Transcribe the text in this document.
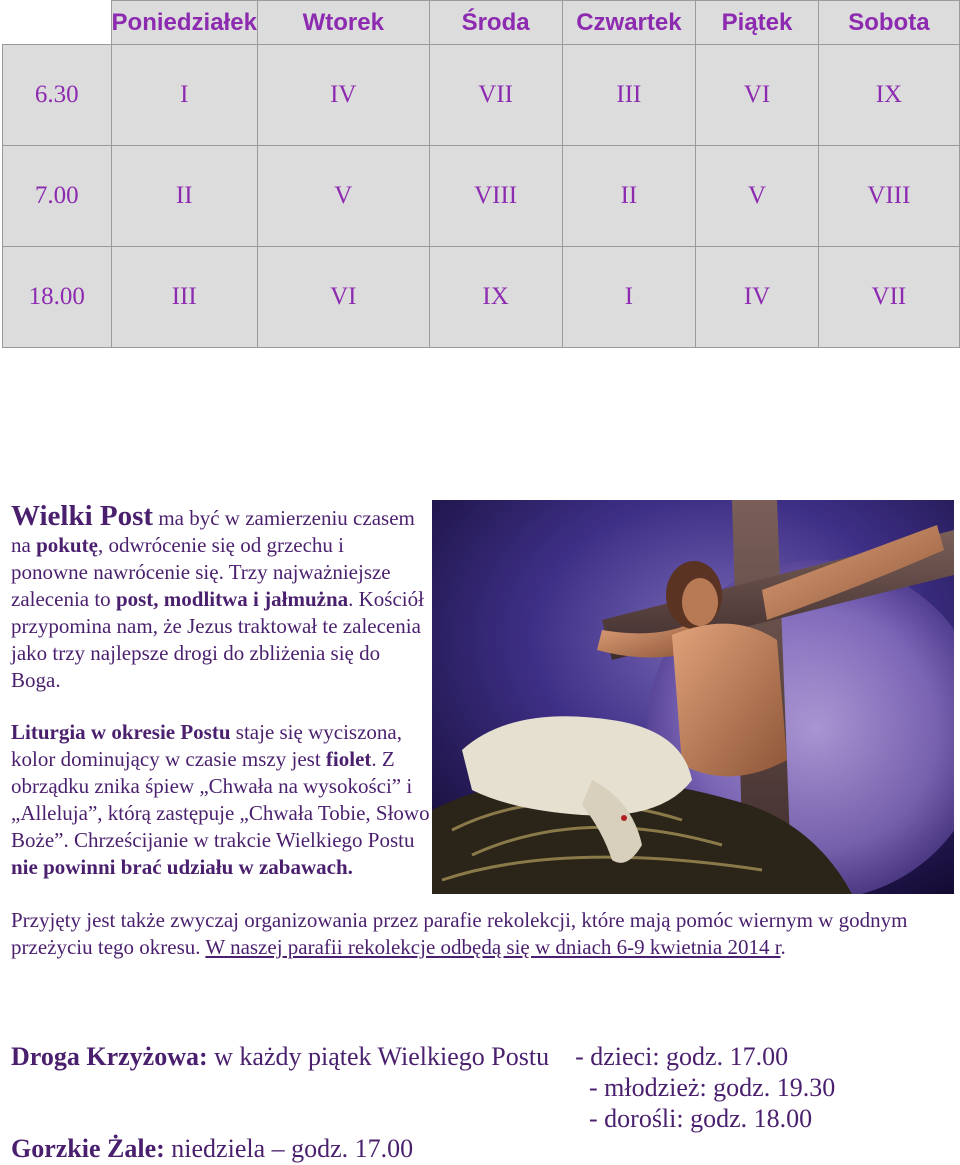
	Poniedziałek	Wtorek	Środa	Czwartek	Piątek	Sobota
6.30	I	IV	VII	III	VI	IX
7.00	II	V	VIII	II	V	VIII
18.00	III	VI	IX	I	IV	VII
Wielki Post ma być w zamierzeniu czasem na pokutę, odwrócenie się od grzechu i ponowne nawrócenie się. Trzy najważniejsze zalecenia to post, modlitwa i jałmużna. Kościół przypomina nam, że Jezus traktował te zalecenia jako trzy najlepsze drogi do zbliżenia się do Boga.
Liturgia w okresie Postu staje się wyciszona, kolor dominujący w czasie mszy jest fiolet. Z obrządku znika śpiew „Chwała na wysokości” i „Alleluja”, którą zastępuje „Chwała Tobie, Słowo Boże”. Chrześcijanie w trakcie Wielkiego Postu nie powinni brać udziału w zabawach.
Przyjęty jest także zwyczaj organizowania przez parafie rekolekcji, które mają pomóc wiernym w godnym przeżyciu tego okresu. W naszej parafii rekolekcje odbędą się w dniach 6-9 kwietnia 2014 r.
Droga Krzyżowa: w każdy piątek Wielkiego Postu - dzieci: godz. 17.00
- młodzież: godz. 19.30
- dorośli: godz. 18.00
Gorzkie Żale: niedziela – godz. 17.00
